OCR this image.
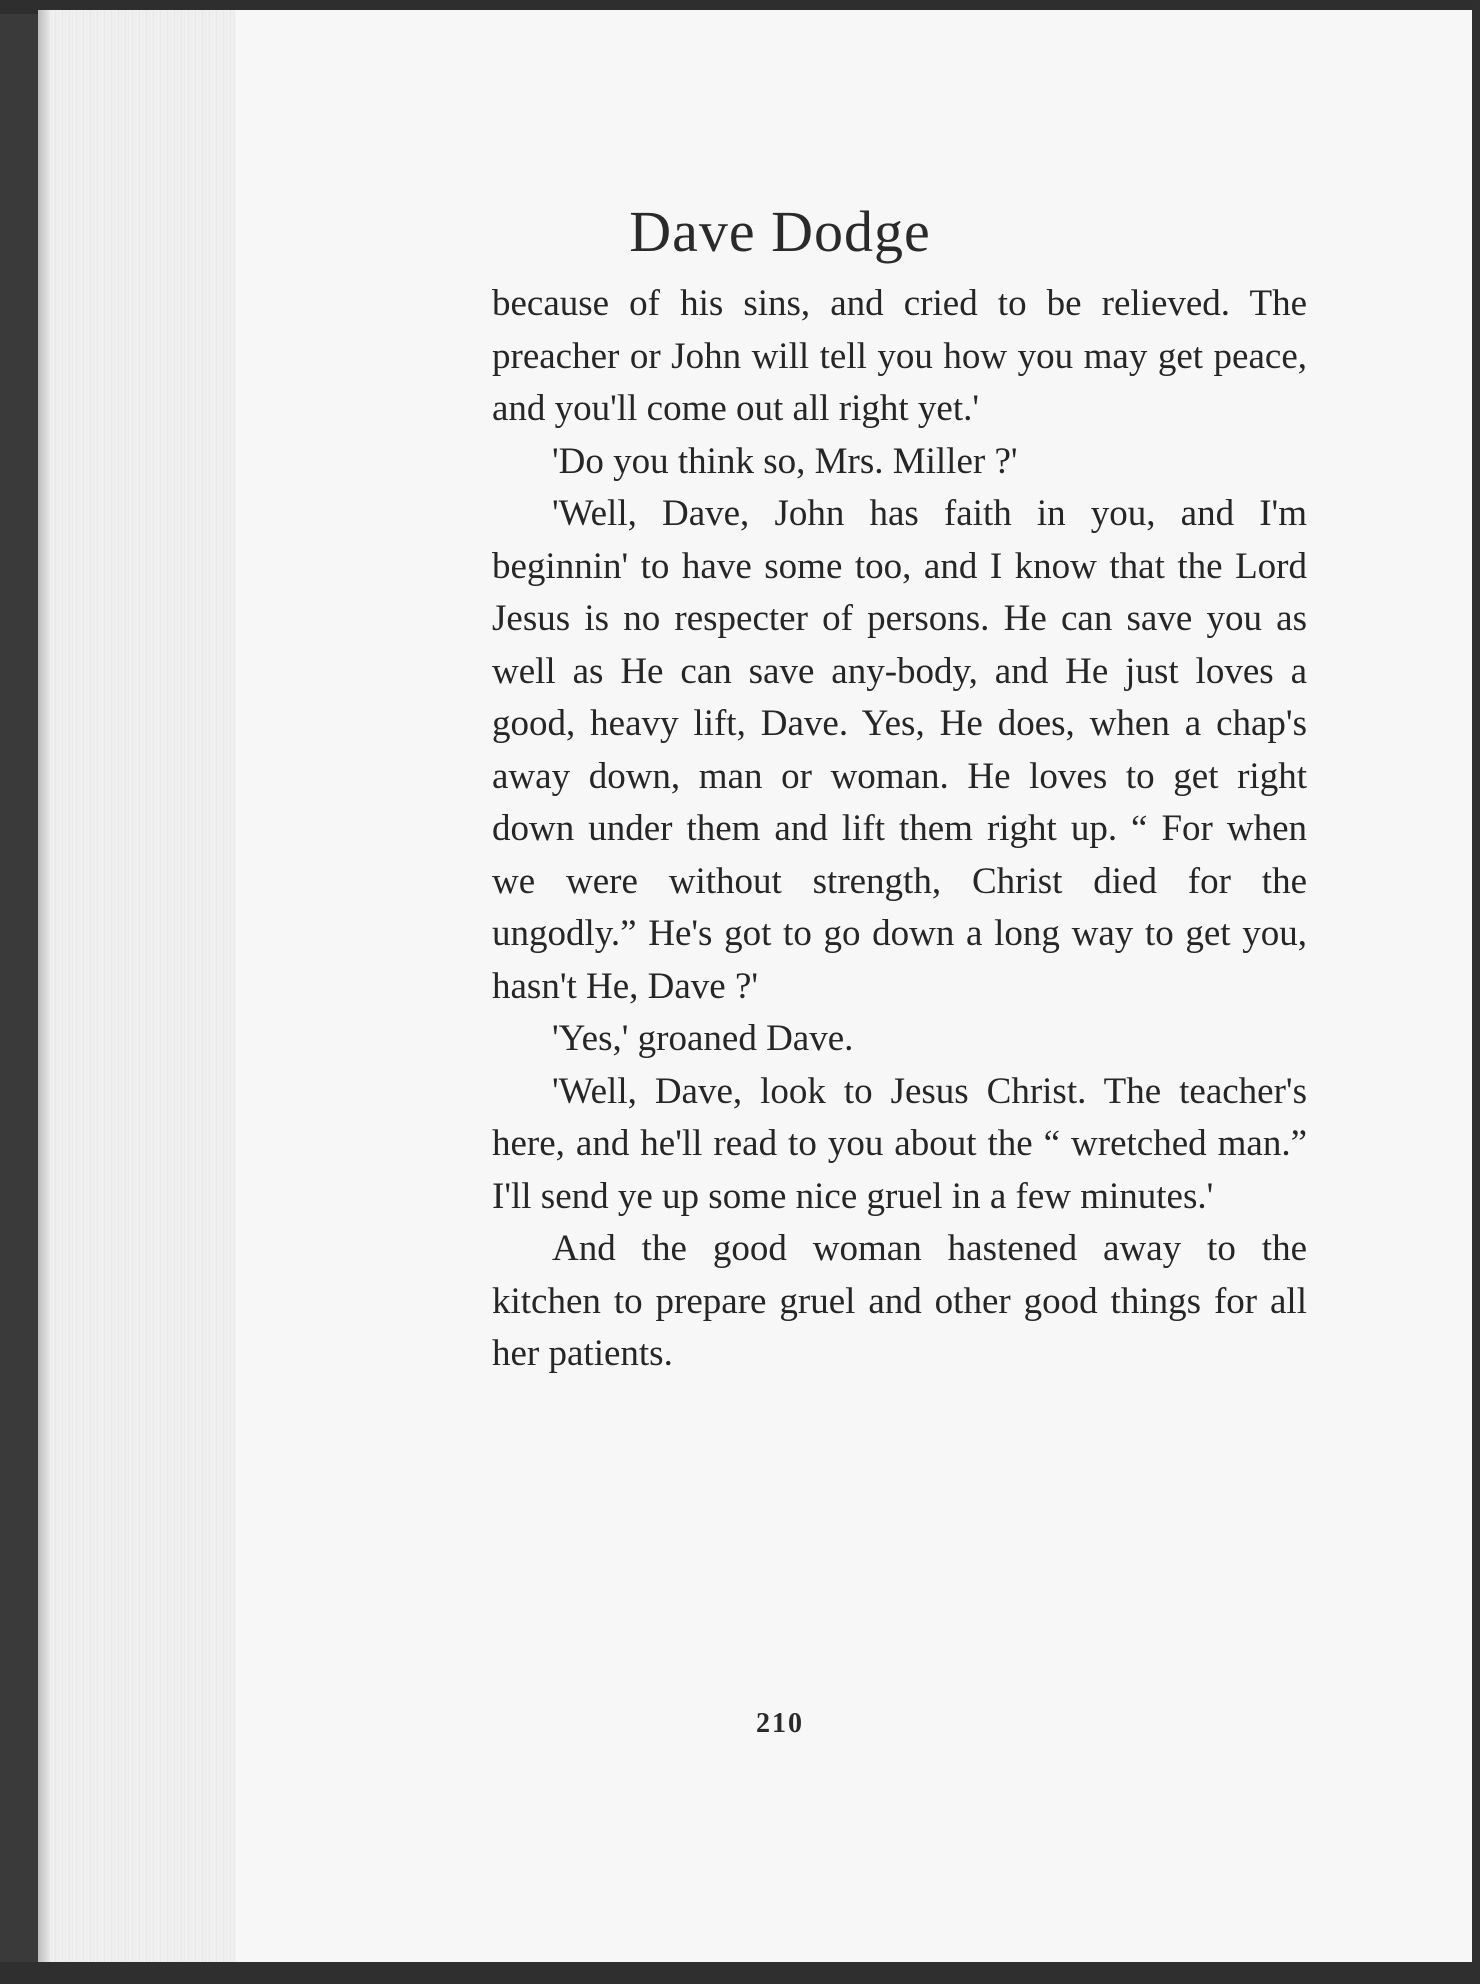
Dave Dodge

because of his sins, and cried to be relieved. The preacher or John will tell you how you may get peace, and you'll come out all right yet.'

'Do you think so, Mrs. Miller ?'

'Well, Dave, John has faith in you, and I'm beginnin' to have some too, and I know that the Lord Jesus is no respecter of persons. He can save you as well as He can save any-body, and He just loves a good, heavy lift, Dave. Yes, He does, when a chap's away down, man or woman. He loves to get right down under them and lift them right up. “ For when we were without strength, Christ died for the ungodly.” He's got to go down a long way to get you, hasn't He, Dave ?'

'Yes,' groaned Dave.

'Well, Dave, look to Jesus Christ. The teacher's here, and he'll read to you about the “ wretched man.” I'll send ye up some nice gruel in a few minutes.'

And the good woman hastened away to the kitchen to prepare gruel and other good things for all her patients.

210
